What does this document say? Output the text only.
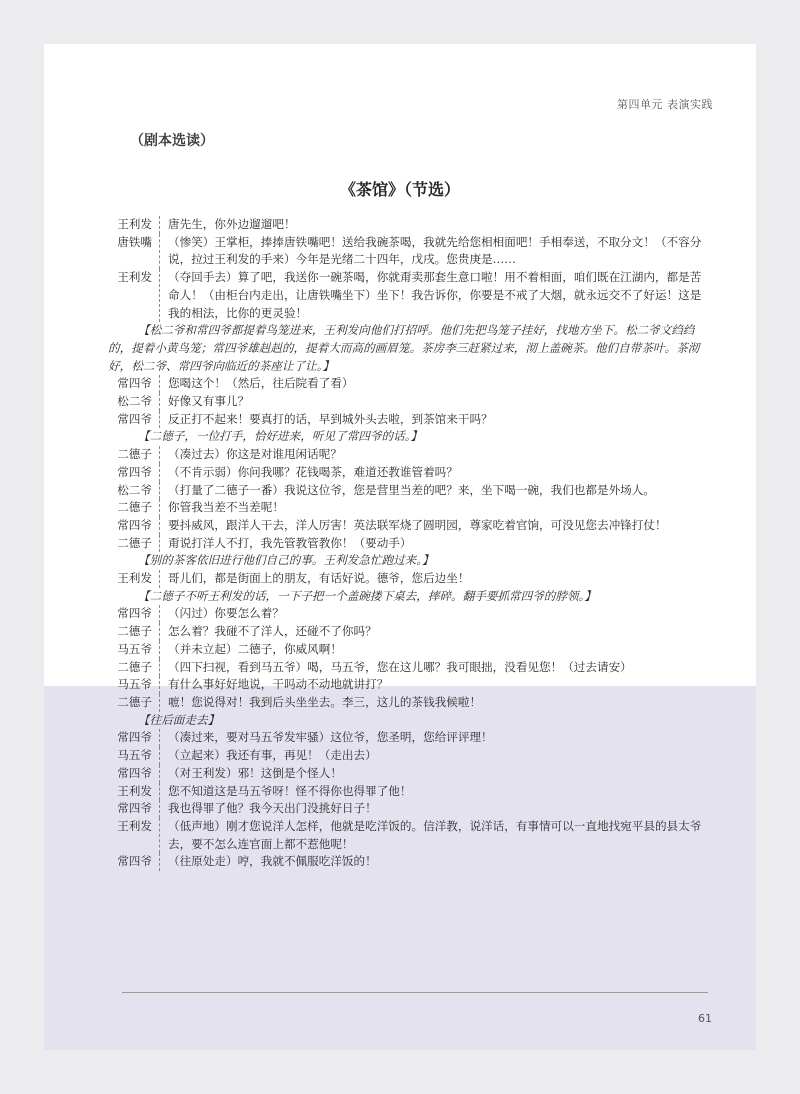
第四单元 表演实践
（剧本选读）
《茶馆》（节选）
王利发	唐先生，你外边遛遛吧！
唐铁嘴	（惨笑）王掌柜，捧捧唐铁嘴吧！送给我碗茶喝，我就先给您相相面吧！手相奉送，不取分文！（不容分说，拉过王利发的手来）今年是光绪二十四年，戊戌。您贵庚是……
王利发	（夺回手去）算了吧，我送你一碗茶喝，你就甭卖那套生意口啦！用不着相面，咱们既在江湖内，都是苦命人！（由柜台内走出，让唐铁嘴坐下）坐下！我告诉你，你要是不戒了大烟，就永远交不了好运！这是我的相法，比你的更灵验！
【松二爷和常四爷都提着鸟笼进来，王利发向他们打招呼。他们先把鸟笼子挂好，找地方坐下。松二爷文绉绉的，提着小黄鸟笼；常四爷雄赳赳的，提着大而高的画眉笼。茶房李三赶紧过来，沏上盖碗茶。他们自带茶叶。茶沏好，松二爷、常四爷向临近的茶座让了让。】
常四爷	您喝这个！（然后，往后院看了看）
松二爷	好像又有事儿？
常四爷	反正打不起来！要真打的话，早到城外头去啦，到茶馆来干吗？
【二德子，一位打手，恰好进来，听见了常四爷的话。】
二德子	（凑过去）你这是对谁甩闲话呢？
常四爷	（不肯示弱）你问我哪？花钱喝茶，难道还教谁管着吗？
松二爷	（打量了二德子一番）我说这位爷，您是营里当差的吧？来，坐下喝一碗，我们也都是外场人。
二德子	你管我当差不当差呢！
常四爷	要抖威风，跟洋人干去，洋人厉害！英法联军烧了圆明园，尊家吃着官饷，可没见您去冲锋打仗！
二德子	甭说打洋人不打，我先管教管教你！（要动手）
【别的茶客依旧进行他们自己的事。王利发急忙跑过来。】
王利发	哥儿们，都是街面上的朋友，有话好说。德爷，您后边坐！
【二德子不听王利发的话，一下子把一个盖碗搂下桌去，摔碎。翻手要抓常四爷的脖领。】
常四爷	（闪过）你要怎么着？
二德子	怎么着？我碰不了洋人，还碰不了你吗？
马五爷	（并未立起）二德子，你威风啊！
二德子	（四下扫视，看到马五爷）喝，马五爷，您在这儿哪？我可眼拙，没看见您！（过去请安）
马五爷	有什么事好好地说，干吗动不动地就讲打？
二德子	嗻！您说得对！我到后头坐坐去。李三，这儿的茶钱我候啦！
【往后面走去】
常四爷	（凑过来，要对马五爷发牢骚）这位爷，您圣明，您给评评理！
马五爷	（立起来）我还有事，再见！（走出去）
常四爷	（对王利发）邪！这倒是个怪人！
王利发	您不知道这是马五爷呀！怪不得你也得罪了他！
常四爷	我也得罪了他？我今天出门没挑好日子！
王利发	（低声地）刚才您说洋人怎样，他就是吃洋饭的。信洋教，说洋话，有事情可以一直地找宛平县的县太爷去，要不怎么连官面上都不惹他呢！
常四爷	（往原处走）哼，我就不佩服吃洋饭的！
61
